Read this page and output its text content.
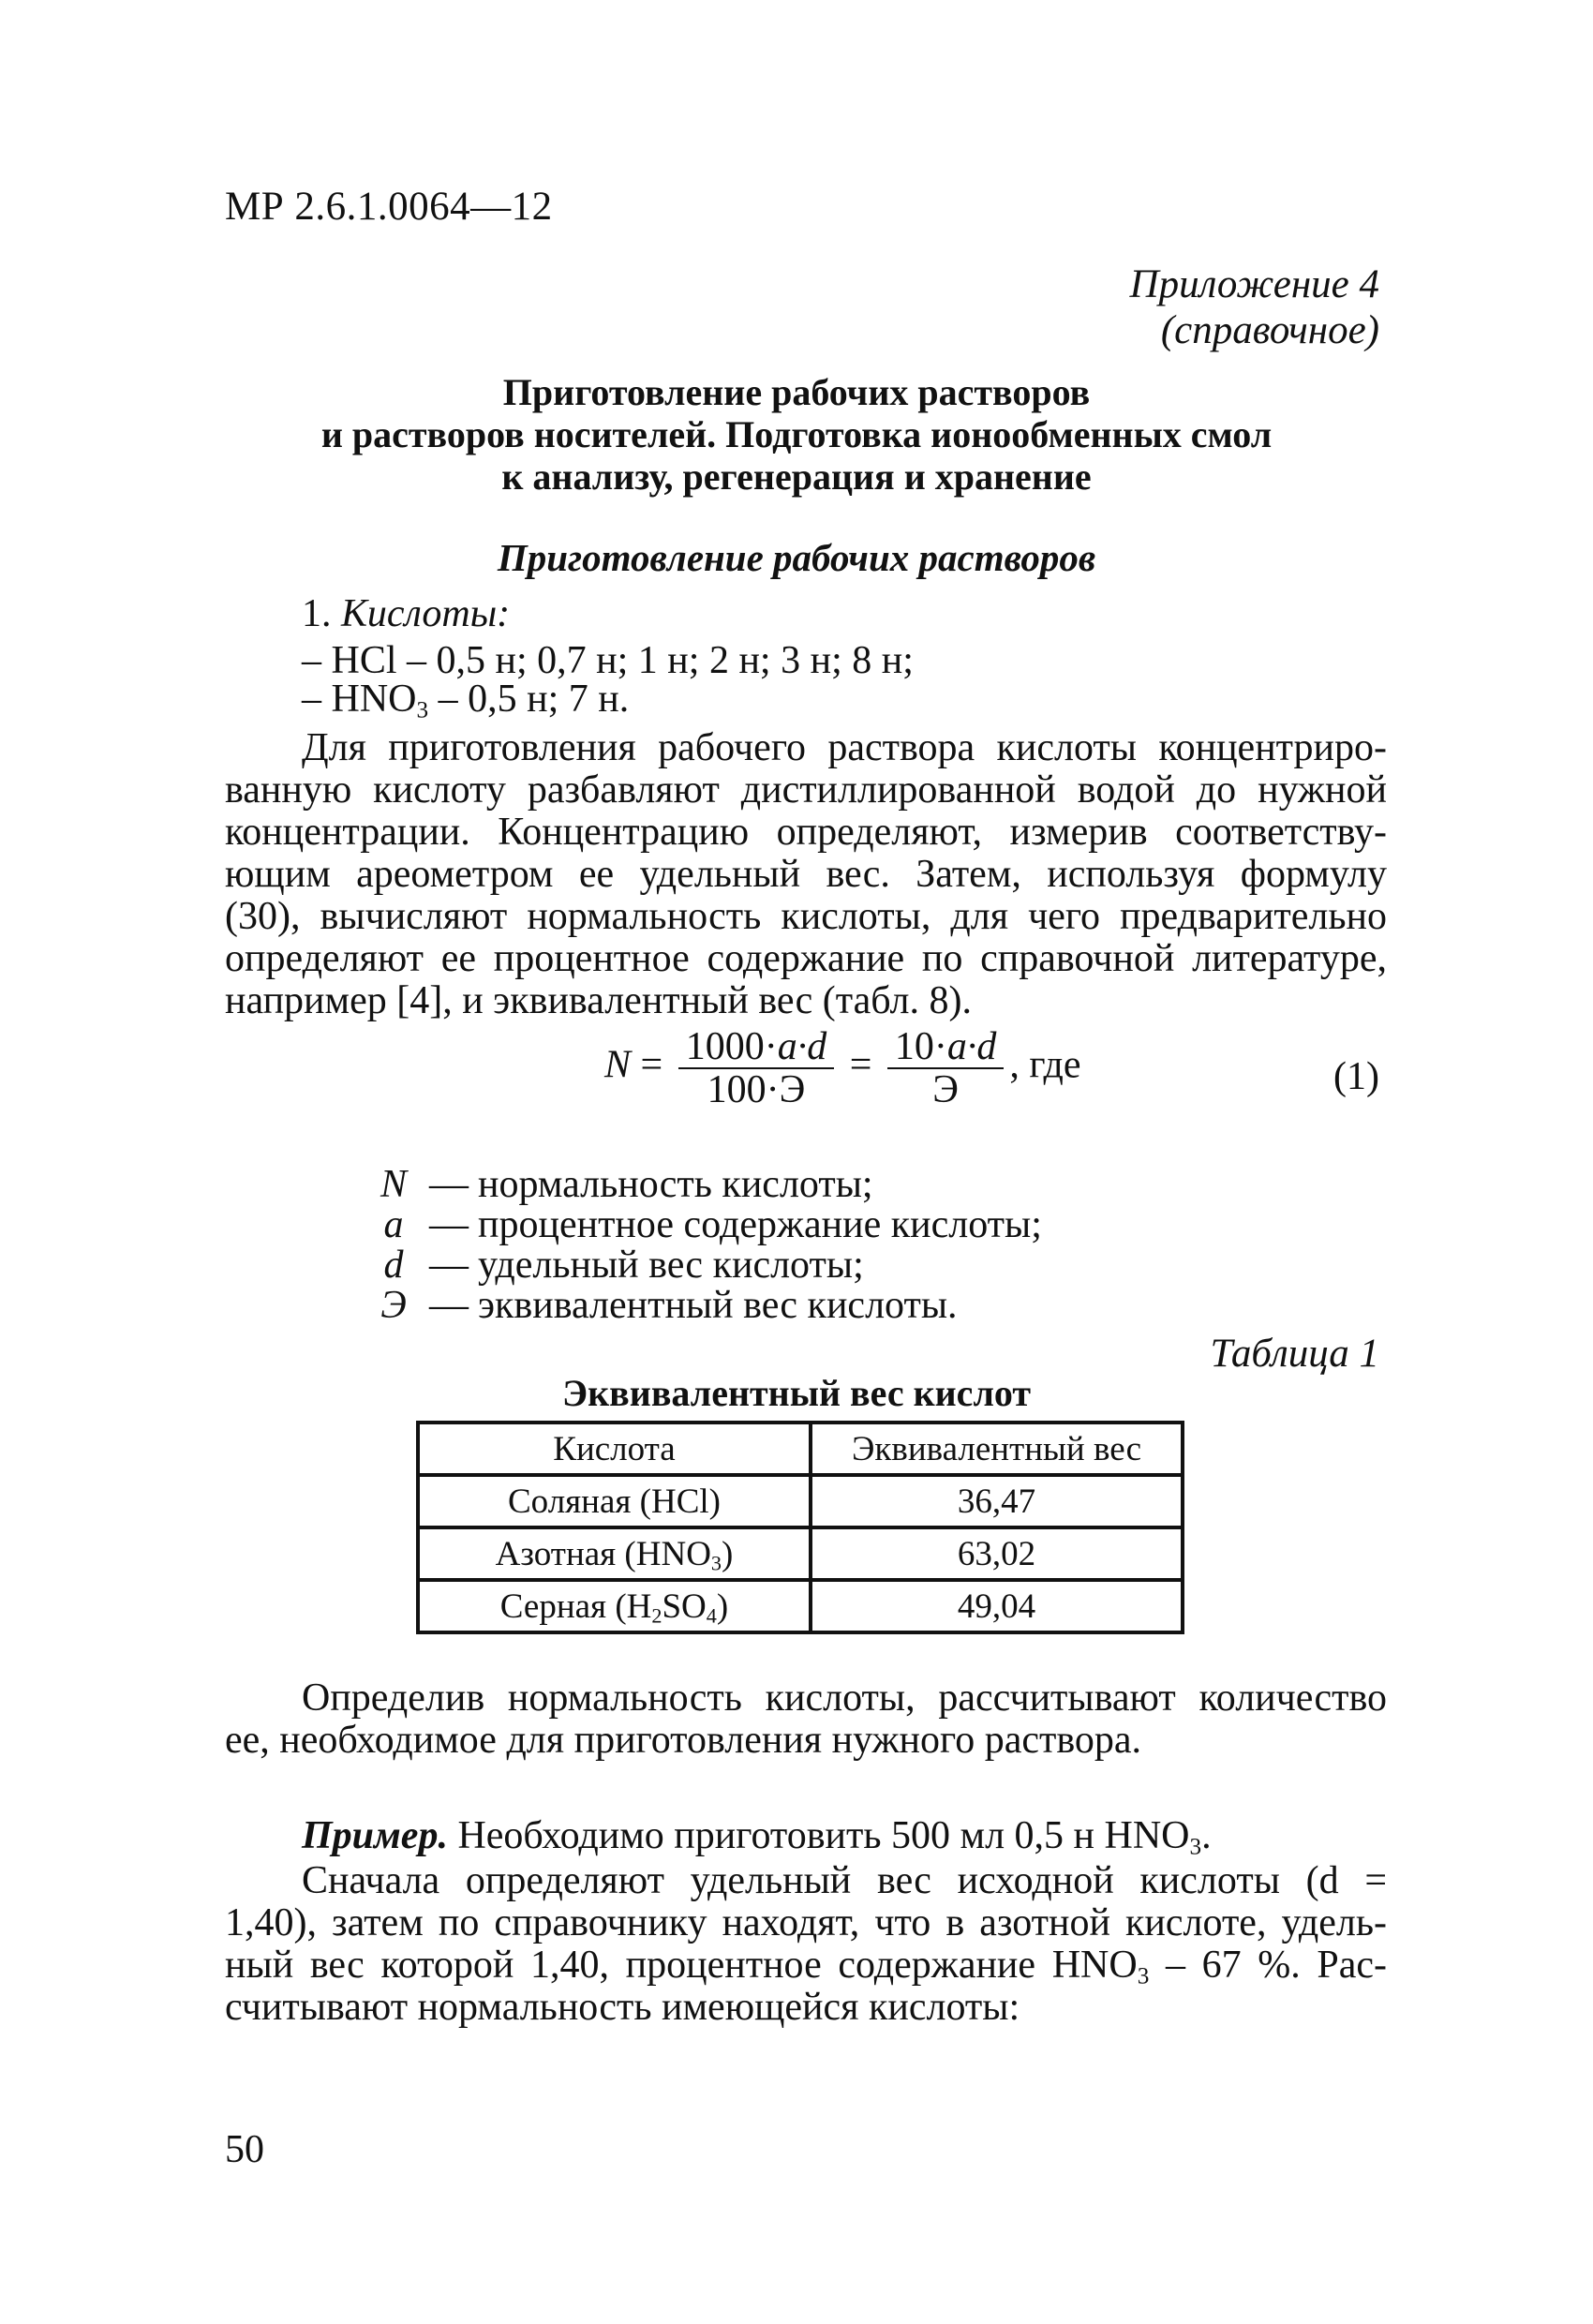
МР 2.6.1.0064—12
Приложение 4
(справочное)
Приготовление рабочих растворов
и растворов носителей. Подготовка ионообменных смол
к анализу, регенерация и хранение
Приготовление рабочих растворов
1. Кислоты:
– HCl – 0,5 н; 0,7 н; 1 н; 2 н; 3 н; 8 н;
– $HNO_3 - 0,5$ н; 7 н.
Для приготовления рабочего раствора кислоты концентриро-
ванную кислоту разбавляют дистиллированной водой до нужной
концентрации. Концентрацию определяют, измерив соответству-
ющим ареометром ее удельный вес. Затем, используя формулу
(30), вычисляют нормальность кислоты, для чего предварительно
определяют ее процентное содержание по справочной литературе,
например [4], и эквивалентный вес (табл. 8).
$N = \frac{1000\cdot a\cdot d}{100\cdot Э} = \frac{10\cdot a\cdot d}{Э}$ , где	(1)
N — нормальность кислоты;
a — процентное содержание кислоты;
d — удельный вес кислоты;
Э — эквивалентный вес кислоты.
Таблица 1
Эквивалентный вес кислот
Кислота	Эквивалентный вес
Соляная (HCl)	36,47
Азотная $(HNO_3)$	63,02
Серная $(H_2SO_4)$	49,04
Определив нормальность кислоты, рассчитывают количество
ее, необходимое для приготовления нужного раствора.
Пример. Необходимо приготовить 500 мл 0,5 н $HNO_3$.
Сначала определяют удельный вес исходной кислоты (d =
1,40), затем по справочнику находят, что в азотной кислоте, удель-
ный вес которой 1,40, процентное содержание $HNO_3 - 67$ %. Рас-
считывают нормальность имеющейся кислоты:
50
